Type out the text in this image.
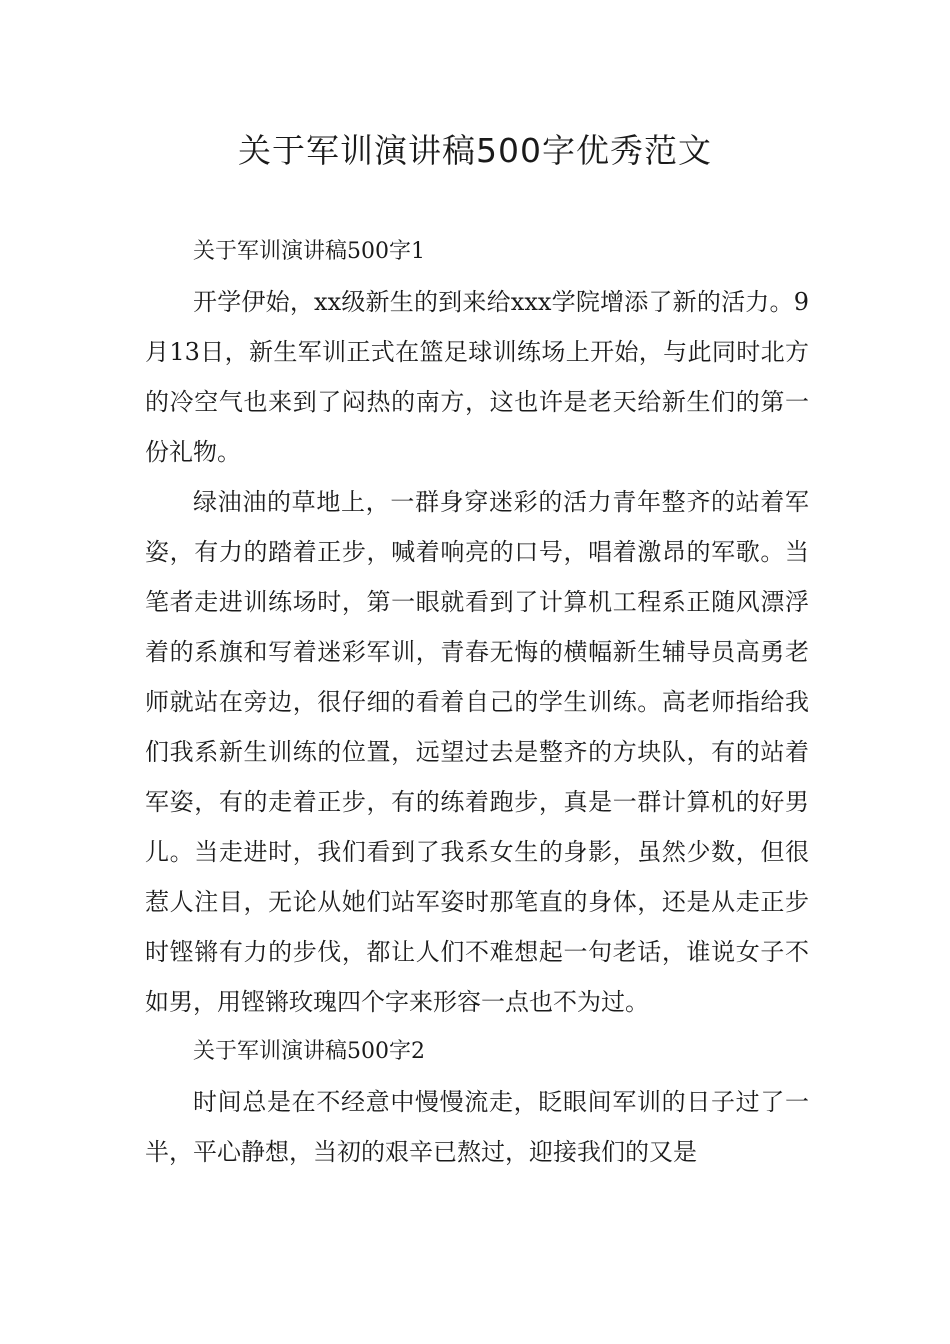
关于军训演讲稿500字优秀范文
关于军训演讲稿500字1

开学伊始，xx级新生的到来给xxx学院增添了新的活力。9月13日，新生军训正式在篮足球训练场上开始，与此同时北方的冷空气也来到了闷热的南方，这也许是老天给新生们的第一份礼物。

绿油油的草地上，一群身穿迷彩的活力青年整齐的站着军姿，有力的踏着正步，喊着响亮的口号，唱着激昂的军歌。当笔者走进训练场时，第一眼就看到了计算机工程系正随风漂浮着的系旗和写着迷彩军训，青春无悔的横幅新生辅导员高勇老师就站在旁边，很仔细的看着自己的学生训练。高老师指给我们我系新生训练的位置，远望过去是整齐的方块队，有的站着军姿，有的走着正步，有的练着跑步，真是一群计算机的好男儿。当走进时，我们看到了我系女生的身影，虽然少数，但很惹人注目，无论从她们站军姿时那笔直的身体，还是从走正步时铿锵有力的步伐，都让人们不难想起一句老话，谁说女子不如男，用铿锵玫瑰四个字来形容一点也不为过。

关于军训演讲稿500字2

时间总是在不经意中慢慢流走，眨眼间军训的日子过了一半，平心静想，当初的艰辛已熬过，迎接我们的又是
